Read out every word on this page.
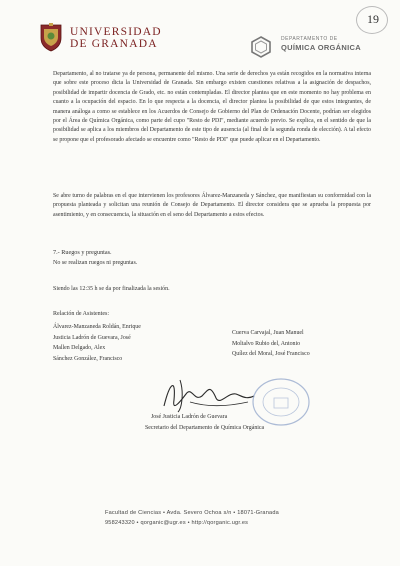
UNIVERSIDAD
DE GRANADA	DEPARTAMENTO DE
QUÍMICA ORGÁNICA
19
Departamento, al no tratarse ya de persona, permanente del mismo. Una serie de derechos ya están recogidos en la normativa interna que sobre este proceso dicta la Universidad de Granada. Sin embargo existen cuestiones relativas a la asignación de despachos, posibilidad de impartir docencia de Grado, etc. no están contempladas. El director plantea que en este momento no hay problema en cuanto a la ocupación del espacio. En lo que respecta a la docencia, el director plantea la posibilidad de que estos integrantes, de manera análoga a como se establece en los Acuerdos de Consejo de Gobierno del Plan de Ordenación Docente, podrían ser elegidos por el Área de Química Orgánica, como parte del cupo "Resto de PDI", mediante acuerdo previo. Se explica, en el sentido de que la posibilidad se aplica a los miembros del Departamento de este tipo de ausencia (al final de la segunda ronda de elección). A tal efecto se propone que el profesorado afectado se encuentre como "Resto de PDI" que puede aplicar en el Departamento.
Se abre turno de palabras en el que intervienen los profesores Álvarez-Manzaneda y Sánchez, que manifiestan su conformidad con la propuesta planteada y solicitan una reunión de Consejo de Departamento. El director considera que se aprueba la propuesta por asentimiento, y en consecuencia, la situación en el seno del Departamento a estos efectos.
7.- Ruegos y preguntas.
No se realizan ruegos ni preguntas.
Siendo las 12:35 h se da por finalizada la sesión.
Relación de Asistentes:
Álvarez-Manzaneda Roldán, Enrique
Justicia Ladrón de Guevara, José
Mallen Delgado, Alex
Sánchez González, Francisco
Cuerva Carvajal, Juan Manuel
Moltalvo Rubio del, Antonio
Quílez del Moral, José Francisco
José Justicia Ladrón de Guevara
Secretario del Departamento de Química Orgánica
Facultad de Ciencias • Avda. Severo Ochoa s/n • 18071-Granada
958243320 • qorganic@ugr.es • http://qorganic.ugr.es
